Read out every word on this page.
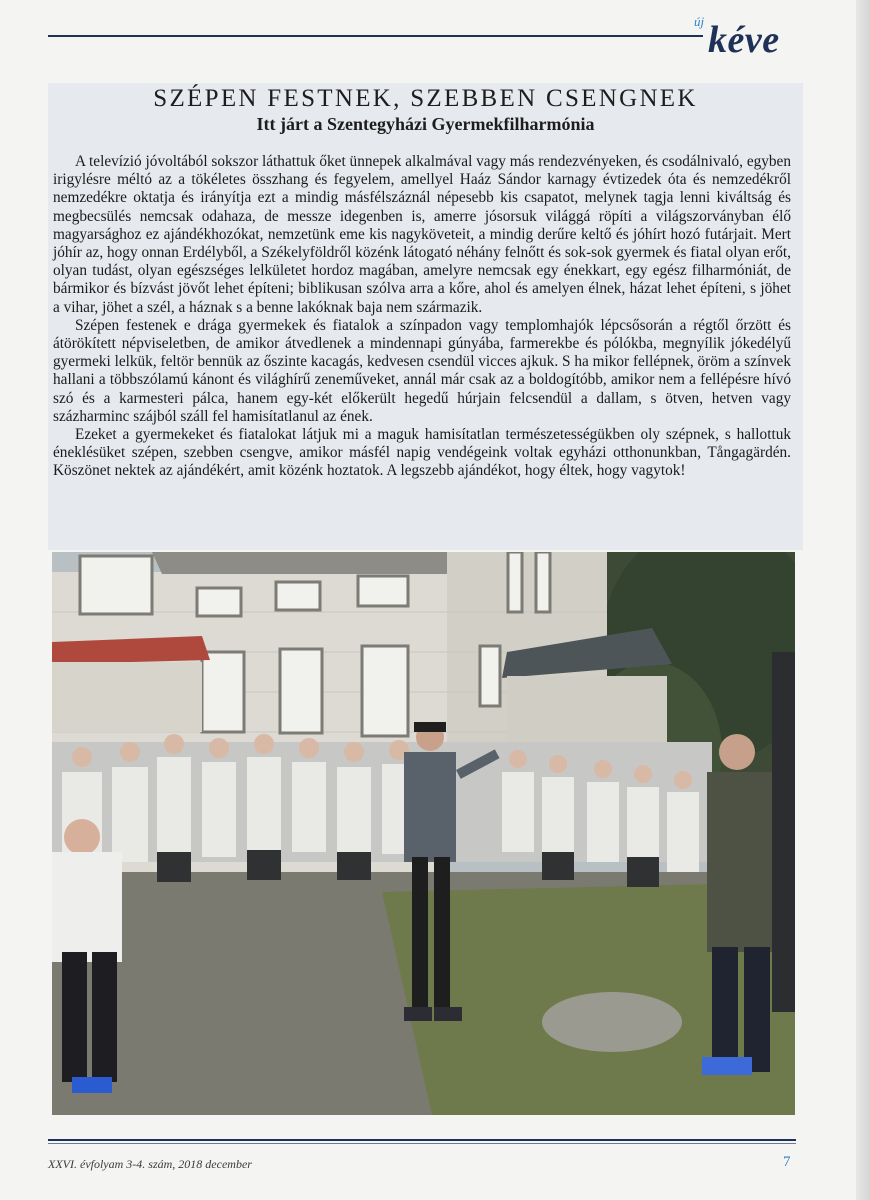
új kéve
SZÉPEN FESTNEK, SZEBBEN CSENGNEK
Itt járt a Szentegyházi Gyermekfilharmónia

A televízió jóvoltából sokszor láthattuk őket ünnepek alkalmával vagy más rendezvényeken, és csodálnivaló, egyben irigylésre méltó az a tökéletes összhang és fegyelem, amellyel Haáz Sándor karnagy évtizedek óta és nemzedékről nemzedékre oktatja és irányítja ezt a mindig másfélszáznál népesebb kis csapatot, melynek tagja lenni kiváltság és megbecsülés nemcsak odahaza, de messze idegenben is, amerre jósorsuk világgá röpíti a világszorványban élő magyarsághoz ez ajándékhozókat, nemzetünk eme kis nagyköveteit, a mindig derűre keltő és jóhírt hozó futárjait. Mert jóhír az, hogy onnan Erdélyből, a Székelyföldről közénk látogató néhány felnőtt és sok-sok gyermek és fiatal olyan erőt, olyan tudást, olyan egészséges lelkületet hordoz magában, amelyre nemcsak egy énekkart, egy egész filharmóniát, de bármikor és bízvást jövőt lehet építeni; biblikusan szólva arra a kőre, ahol és amelyen élnek, házat lehet építeni, s jöhet a vihar, jöhet a szél, a háznak s a benne lakóknak baja nem származik.

Szépen festenek e drága gyermekek és fiatalok a színpadon vagy templomhajók lépcsősorán a régtől őrzött és átörökített népviseletben, de amikor átvedlenek a mindennapi gúnyába, farmerekbe és pólókba, megnyílik jókedélyű gyermeki lelkük, feltör bennük az őszinte kacagás, kedvesen csendül vicces ajkuk. S ha mikor fellépnek, öröm a színvek hallani a többszólamú kánont és világhírű zeneműveket, annál már csak az a boldogítóbb, amikor nem a fellépésre hívó szó és a karmesteri pálca, hanem egy-két előkerült hegedű húrjain felcsendül a dallam, s ötven, hetven vagy százharminc szájból száll fel hamisítatlanul az ének.

Ezeket a gyermekeket és fiatalokat látjuk mi a maguk hamisítatlan természetességükben oly szépnek, s hallottuk éneklésüket szépen, szebben csengve, amikor másfél napig vendégeink voltak egyházi otthonunkban, Tångagärdén. Köszönet nektek az ajándékért, amit közénk hoztatok. A legszebb ajándékot, hogy éltek, hogy vagytok!

XXVI. évfolyam 3-4. szám, 2018 december	7
